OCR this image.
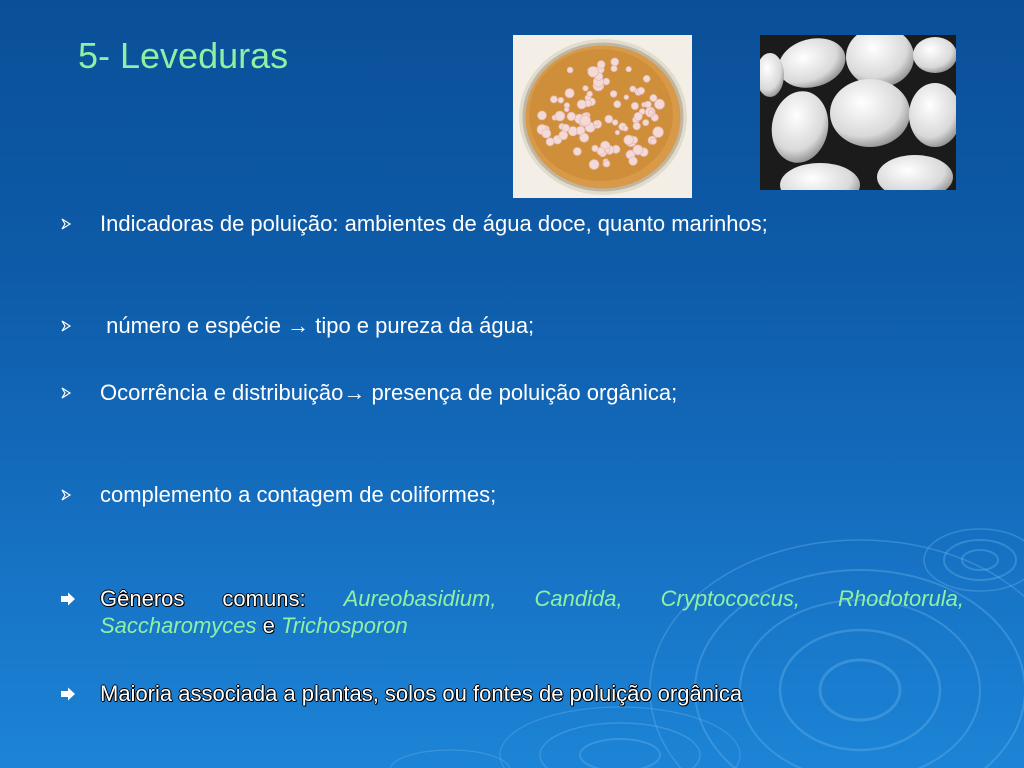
5- Leveduras
Indicadoras de poluição: ambientes de água doce, quanto marinhos;
número e espécie → tipo e pureza da água;
Ocorrência e distribuição→ presença de poluição orgânica;
complemento a contagem de coliformes;
Gêneros comuns: Aureobasidium, Candida, Cryptococcus, Rhodotorula, Saccharomyces e Trichosporon
Maioria associada a plantas, solos ou fontes de poluição orgânica
